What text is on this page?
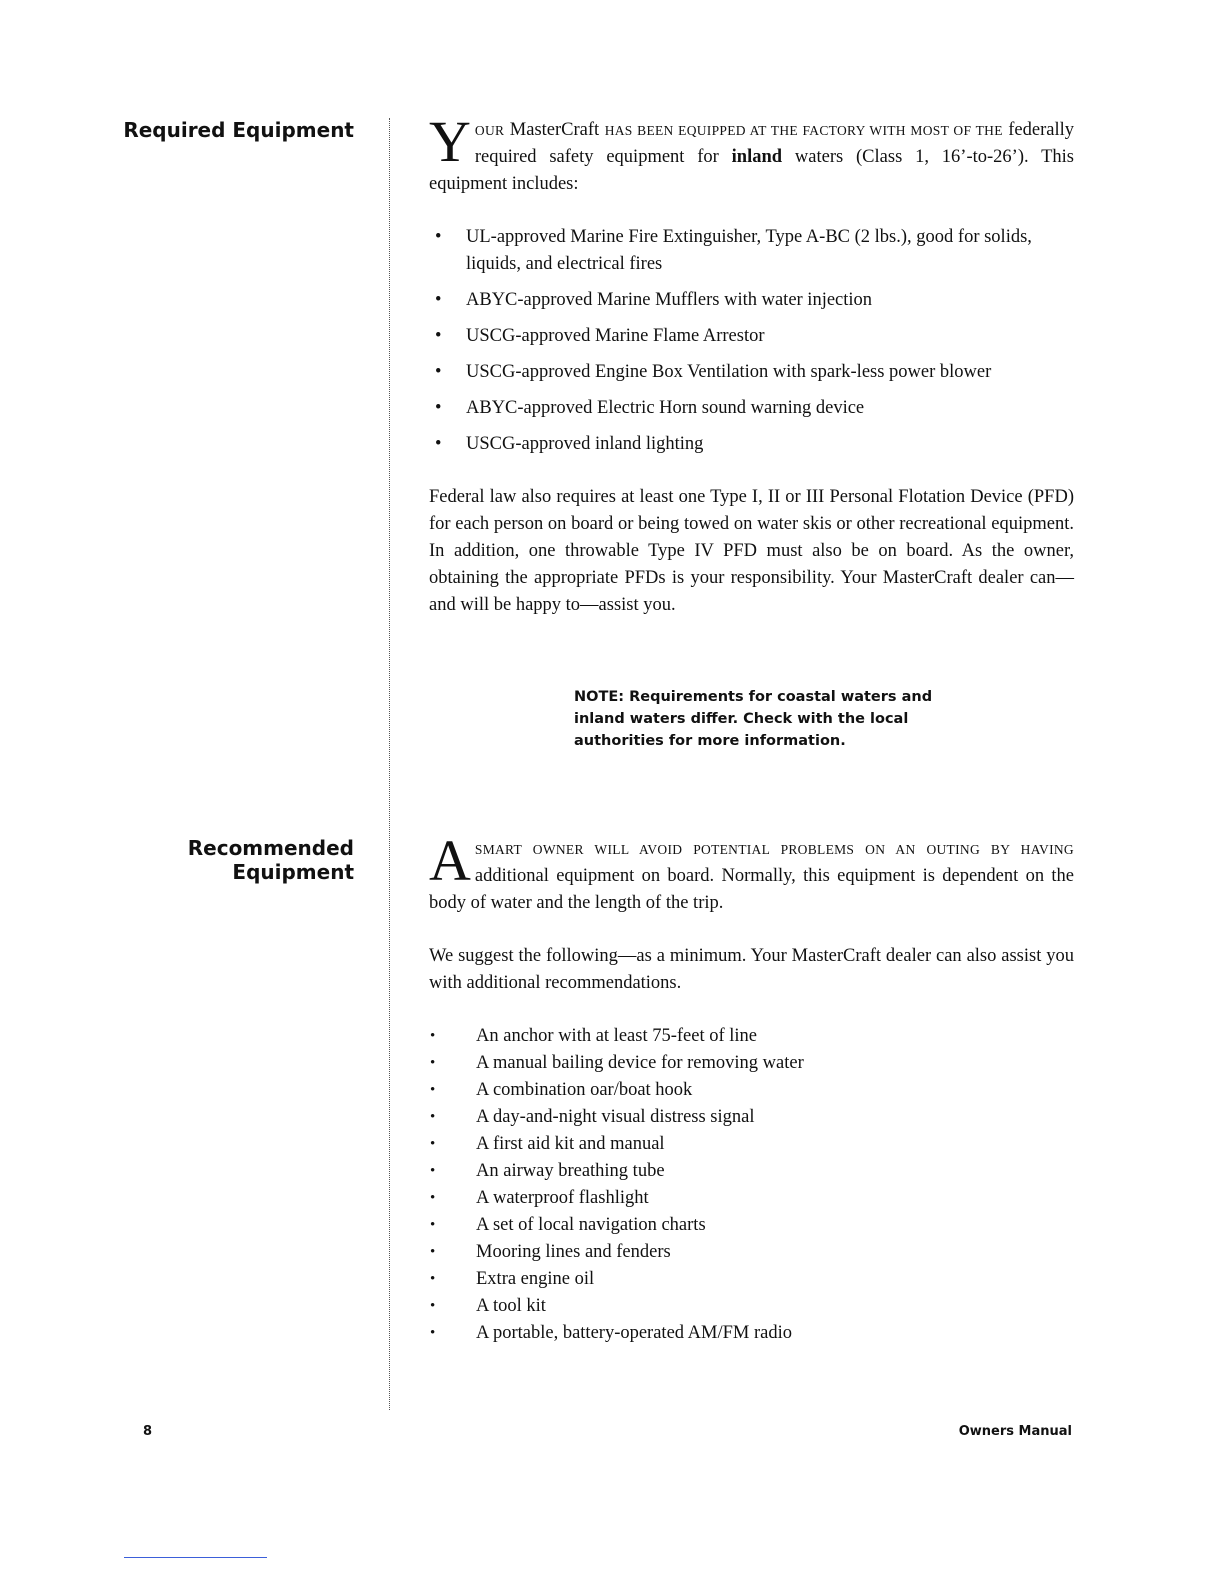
Required Equipment
Recommended
Equipment

YOUR MasterCraft HAS BEEN EQUIPPED AT THE FACTORY WITH MOST OF THE federally required safety equipment for inland waters (Class 1, 16’-to-26’). This equipment includes:

• UL-approved Marine Fire Extinguisher, Type A-BC (2 lbs.), good for solids, liquids, and electrical fires
• ABYC-approved Marine Mufflers with water injection
• USCG-approved Marine Flame Arrestor
• USCG-approved Engine Box Ventilation with spark-less power blower
• ABYC-approved Electric Horn sound warning device
• USCG-approved inland lighting

Federal law also requires at least one Type I, II or III Personal Flotation Device (PFD) for each person on board or being towed on water skis or other recreational equipment. In addition, one throwable Type IV PFD must also be on board. As the owner, obtaining the appropriate PFDs is your responsibility. Your MasterCraft dealer can—and will be happy to—assist you.

NOTE: Requirements for coastal waters and inland waters differ. Check with the local authorities for more information.

ASMART OWNER WILL AVOID POTENTIAL PROBLEMS ON AN OUTING BY HAVING additional equipment on board. Normally, this equipment is dependent on the body of water and the length of the trip.

We suggest the following—as a minimum. Your MasterCraft dealer can also assist you with additional recommendations.

• An anchor with at least 75-feet of line
• A manual bailing device for removing water
• A combination oar/boat hook
• A day-and-night visual distress signal
• A first aid kit and manual
• An airway breathing tube
• A waterproof flashlight
• A set of local navigation charts
• Mooring lines and fenders
• Extra engine oil
• A tool kit
• A portable, battery-operated AM/FM radio
8	Owners Manual
